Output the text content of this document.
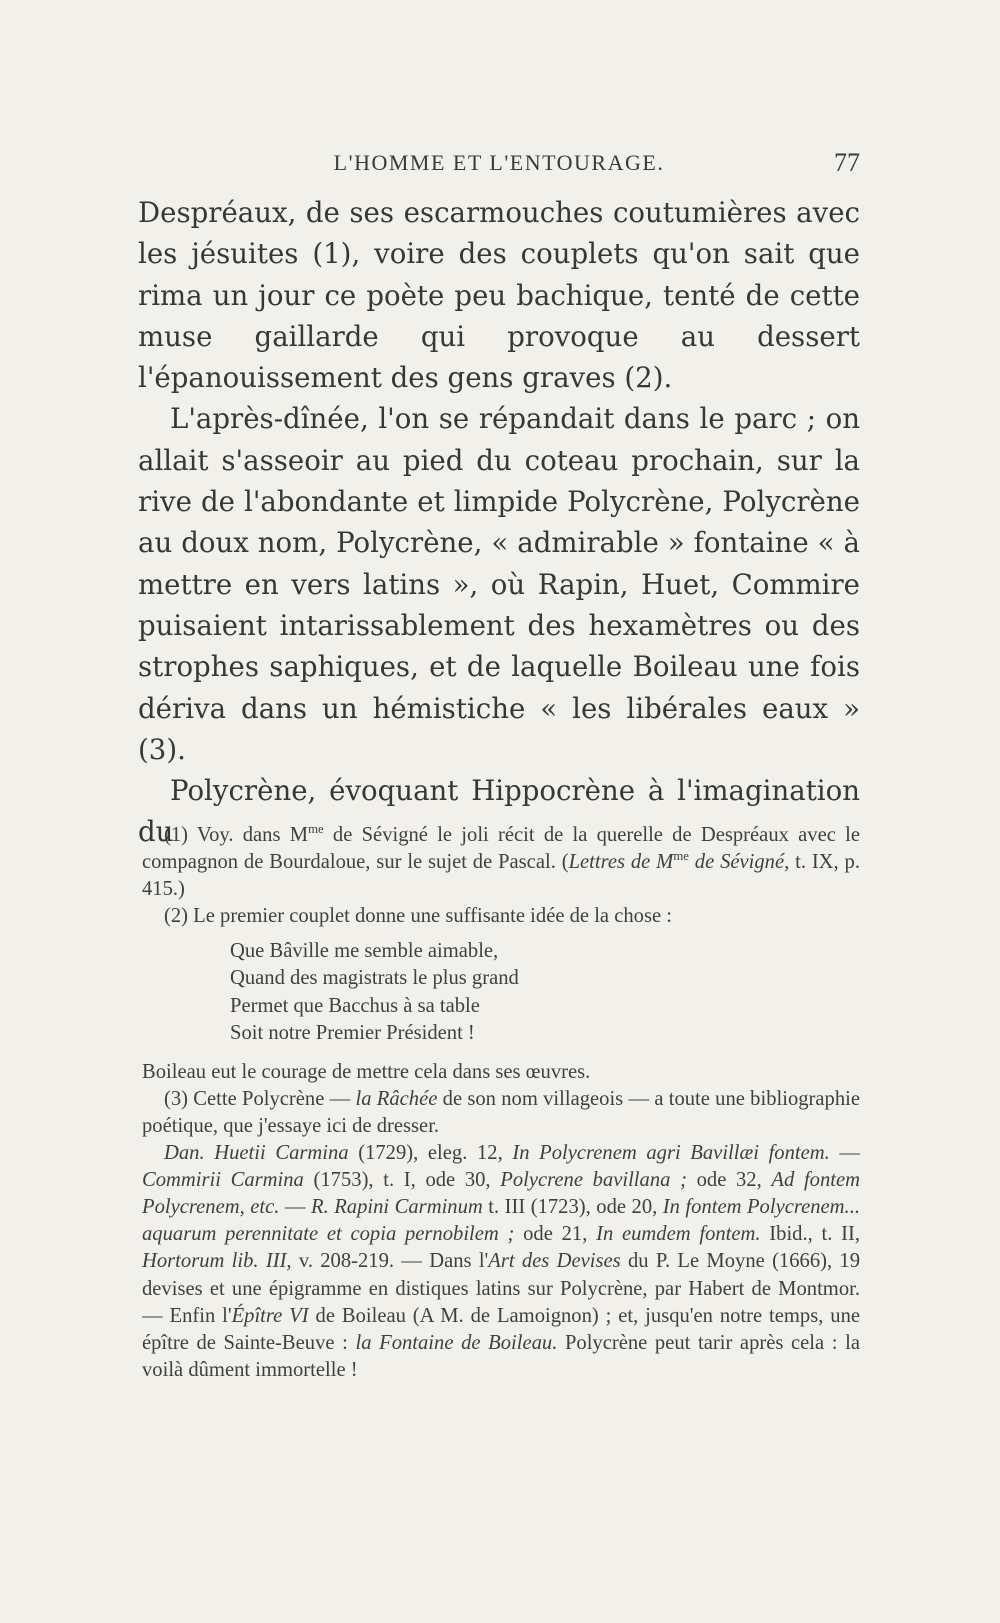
L'HOMME ET L'ENTOURAGE.	77

Despréaux, de ses escarmouches coutumières avec les jésuites (1), voire des couplets qu'on sait que rima un jour ce poète peu bachique, tenté de cette muse gaillarde qui provoque au dessert l'épanouissement des gens graves (2).

L'après-dînée, l'on se répandait dans le parc ; on allait s'asseoir au pied du coteau prochain, sur la rive de l'abondante et limpide Polycrène, Polycrène au doux nom, Polycrène, « admirable » fontaine « à mettre en vers latins », où Rapin, Huet, Commire puisaient intarissablement des hexamètres ou des strophes saphiques, et de laquelle Boileau une fois dériva dans un hémistiche « les libérales eaux » (3).

Polycrène, évoquant Hippocrène à l'imagination du

(1) Voy. dans $M^{me}$ de Sévigné le joli récit de la querelle de Despréaux avec le compagnon de Bourdaloue, sur le sujet de Pascal. (Lettres de $M^{me}$ de Sévigné, t. IX, p. 415.)

(2) Le premier couplet donne une suffisante idée de la chose :

Que Bâville me semble aimable,
Quand des magistrats le plus grand
Permet que Bacchus à sa table
Soit notre Premier Président !

Boileau eut le courage de mettre cela dans ses œuvres.

(3) Cette Polycrène — la Râchée de son nom villageois — a toute une bibliographie poétique, que j'essaye ici de dresser.

Dan. Huetii Carmina (1729), eleg. 12, In Polycrenem agri Bavillæi fontem. — Commirii Carmina (1753), t. I, ode 30, Polycrene bavillana ; ode 32, Ad fontem Polycrenem, etc. — R. Rapini Carminum t. III (1723), ode 20, In fontem Polycrenem... aquarum perennitate et copia pernobilem ; ode 21, In eumdem fontem. Ibid., t. II, Hortorum lib. III, v. 208-219. — Dans l'Art des Devises du P. Le Moyne (1666), 19 devises et une épigramme en distiques latins sur Polycrène, par Habert de Montmor. — Enfin l'Épître VI de Boileau (A M. de Lamoignon) ; et, jusqu'en notre temps, une épître de Sainte-Beuve : la Fontaine de Boileau. Polycrène peut tarir après cela : la voilà dûment immortelle !
